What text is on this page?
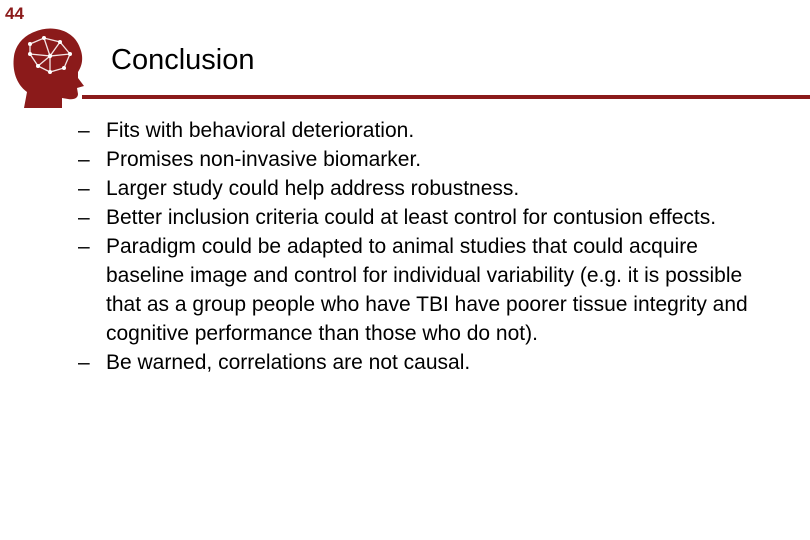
44
Conclusion
– Fits with behavioral deterioration.
– Promises non-invasive biomarker.
– Larger study could help address robustness.
– Better inclusion criteria could at least control for contusion effects.
– Paradigm could be adapted to animal studies that could acquire baseline image and control for individual variability (e.g. it is possible that as a group people who have TBI have poorer tissue integrity and cognitive performance than those who do not).
– Be warned, correlations are not causal.
